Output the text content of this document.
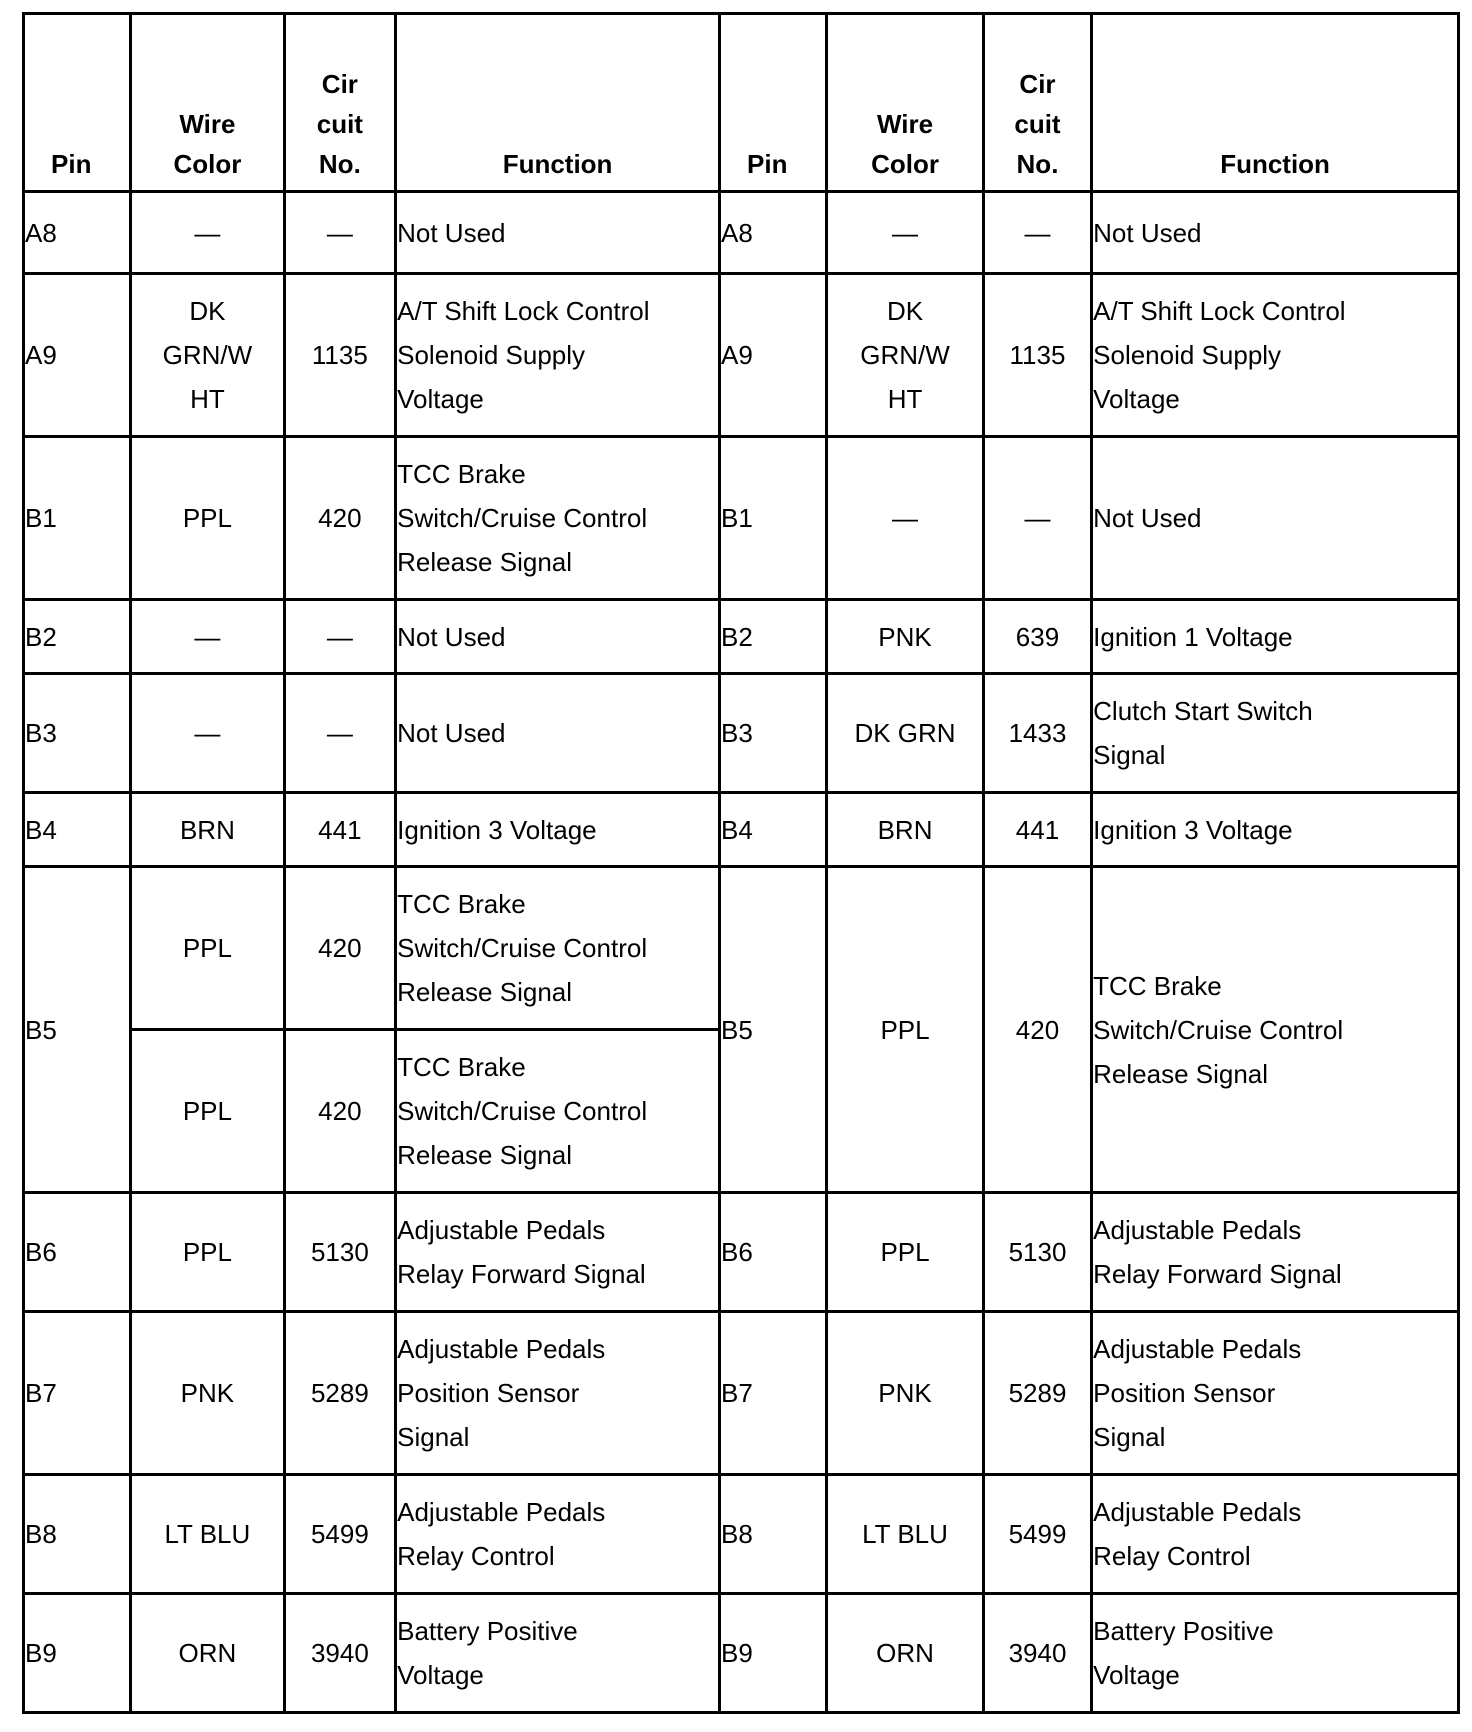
Pin	Wire
Color	Cir
cuit
No.	Function	Pin	Wire
Color	Cir
cuit
No.	Function
A8	—	—	Not Used	A8	—	—	Not Used

A9	DK
GRN/W
HT	1135	A/T Shift Lock Control
Solenoid Supply
Voltage	A9	DK
GRN/W
HT	1135	A/T Shift Lock Control
Solenoid Supply
Voltage

B1	PPL	420	TCC Brake
Switch/Cruise Control
Release Signal	B1	—	—	Not Used

B2	—	—	Not Used	B2	PNK	639	Ignition 1 Voltage

B3	—	—	Not Used	B3	DK GRN	1433	Clutch Start Switch
Signal

B4	BRN	441	Ignition 3 Voltage	B4	BRN	441	Ignition 3 Voltage

B5	PPL	420	TCC Brake
Switch/Cruise Control
Release Signal	B5	PPL	420	TCC Brake
Switch/Cruise Control
Release Signal

	PPL	420	TCC Brake
Switch/Cruise Control
Release Signal				

B6	PPL	5130	Adjustable Pedals
Relay Forward Signal	B6	PPL	5130	Adjustable Pedals
Relay Forward Signal

B7	PNK	5289	Adjustable Pedals
Position Sensor
Signal	B7	PNK	5289	Adjustable Pedals
Position Sensor
Signal

B8	LT BLU	5499	Adjustable Pedals
Relay Control	B8	LT BLU	5499	Adjustable Pedals
Relay Control

B9	ORN	3940	Battery Positive
Voltage	B9	ORN	3940	Battery Positive
Voltage
